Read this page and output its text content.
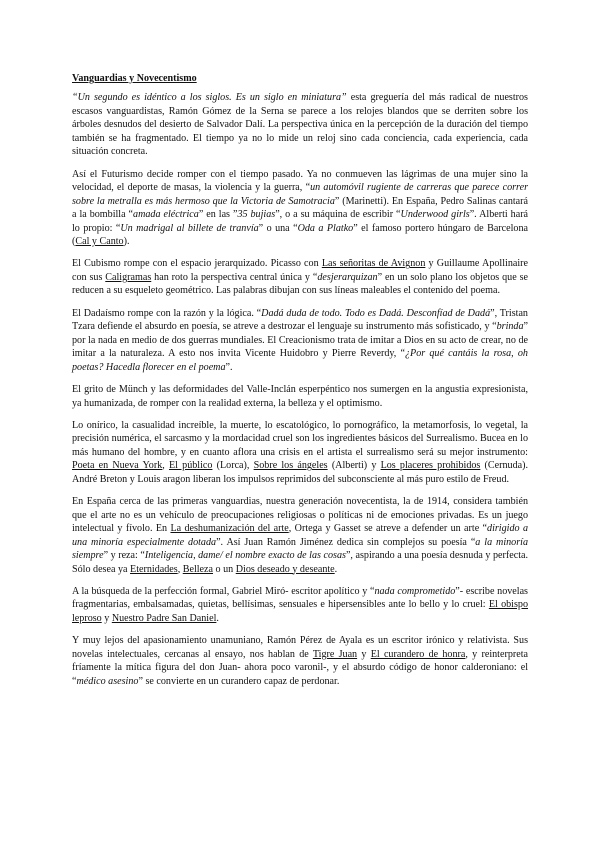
Vanguardias y Novecentismo

“Un segundo es idéntico a los siglos. Es un siglo en miniatura” esta greguería del más radical de nuestros escasos vanguardistas, Ramón Gómez de la Serna se parece a los relojes blandos que se derriten sobre los árboles desnudos del desierto de Salvador Dalí. La perspectiva única en la percepción de la duración del tiempo también se ha fragmentado. El tiempo ya no lo mide un reloj sino cada conciencia, cada experiencia, cada situación concreta.

Así el Futurismo decide romper con el tiempo pasado. Ya no conmueven las lágrimas de una mujer sino la velocidad, el deporte de masas, la violencia y la guerra, “un automóvil rugiente de carreras que parece correr sobre la metralla es más hermoso que la Victoria de Samotracia” (Marinetti). En España, Pedro Salinas cantará a la bombilla “amada eléctrica” en las ”35 bujias”, o a su máquina de escribir “Underwood girls”. Alberti hará lo propio: “Un madrigal al billete de tranvía” o una “Oda a Platko” el famoso portero húngaro de Barcelona (Cal y Canto).

El Cubismo rompe con el espacio jerarquizado. Picasso con Las señoritas de Avignon y Guillaume Apollinaire con sus Caligramas han roto la perspectiva central única y “desjerarquizan” en un solo plano los objetos que se reducen a su esqueleto geométrico. Las palabras dibujan con sus líneas maleables el contenido del poema.

El Dadaísmo rompe con la razón y la lógica. “Dadá duda de todo. Todo es Dadá. Desconfíad de Dadá”, Tristan Tzara defiende el absurdo en poesía, se atreve a destrozar el lenguaje su instrumento más sofisticado, y “brinda” por la nada en medio de dos guerras mundiales. El Creacionismo trata de imitar a Dios en su acto de crear, no de imitar a la naturaleza. A esto nos invita Vicente Huidobro y Pierre Reverdy, “¿Por qué cantáis la rosa, oh poetas? Hacedla florecer en el poema”.

El grito de Münch y las deformidades del Valle-Inclán esperpéntico nos sumergen en la angustia expresionista, ya humanizada, de romper con la realidad externa, la belleza y el optimismo.

Lo onírico, la casualidad increíble, la muerte, lo escatológico, lo pornográfico, la metamorfosis, lo vegetal, la precisión numérica, el sarcasmo y la mordacidad cruel son los ingredientes básicos del Surrealismo. Bucea en lo más humano del hombre, y en cuanto aflora una crisis en el artista el surrealismo será su mejor instrumento: Poeta en Nueva York, El público (Lorca), Sobre los ángeles (Alberti) y Los placeres prohibidos (Cernuda). André Breton y Louis aragon liberan los impulsos reprimidos del subconsciente al más puro estilo de Freud.

En España cerca de las primeras vanguardias, nuestra generación novecentista, la de 1914, considera también que el arte no es un vehículo de preocupaciones religiosas o políticas ni de emociones privadas. Es un juego intelectual y fívolo. En La deshumanización del arte, Ortega y Gasset se atreve a defender un arte “dirigido a una minoría especialmente dotada”. Así Juan Ramón Jiménez dedica sin complejos su poesía “a la minoría siempre” y reza: “Inteligencia, dame/ el nombre exacto de las cosas”, aspirando a una poesía desnuda y perfecta. Sólo desea ya Eternidades, Belleza o un Dios deseado y deseante.

A la búsqueda de la perfección formal, Gabriel Miró- escritor apolítico y “nada comprometido”- escribe novelas fragmentarias, embalsamadas, quietas, bellísimas, sensuales e hipersensibles ante lo bello y lo cruel: El obispo leproso y Nuestro Padre San Daniel.

Y muy lejos del apasionamiento unamuniano, Ramón Pérez de Ayala es un escritor irónico y relativista. Sus novelas intelectuales, cercanas al ensayo, nos hablan de Tigre Juan y El curandero de honra, y reinterpreta fríamente la mítica figura del don Juan- ahora poco varonil-, y el absurdo código de honor calderoniano: el “médico asesino” se convierte en un curandero capaz de perdonar.
